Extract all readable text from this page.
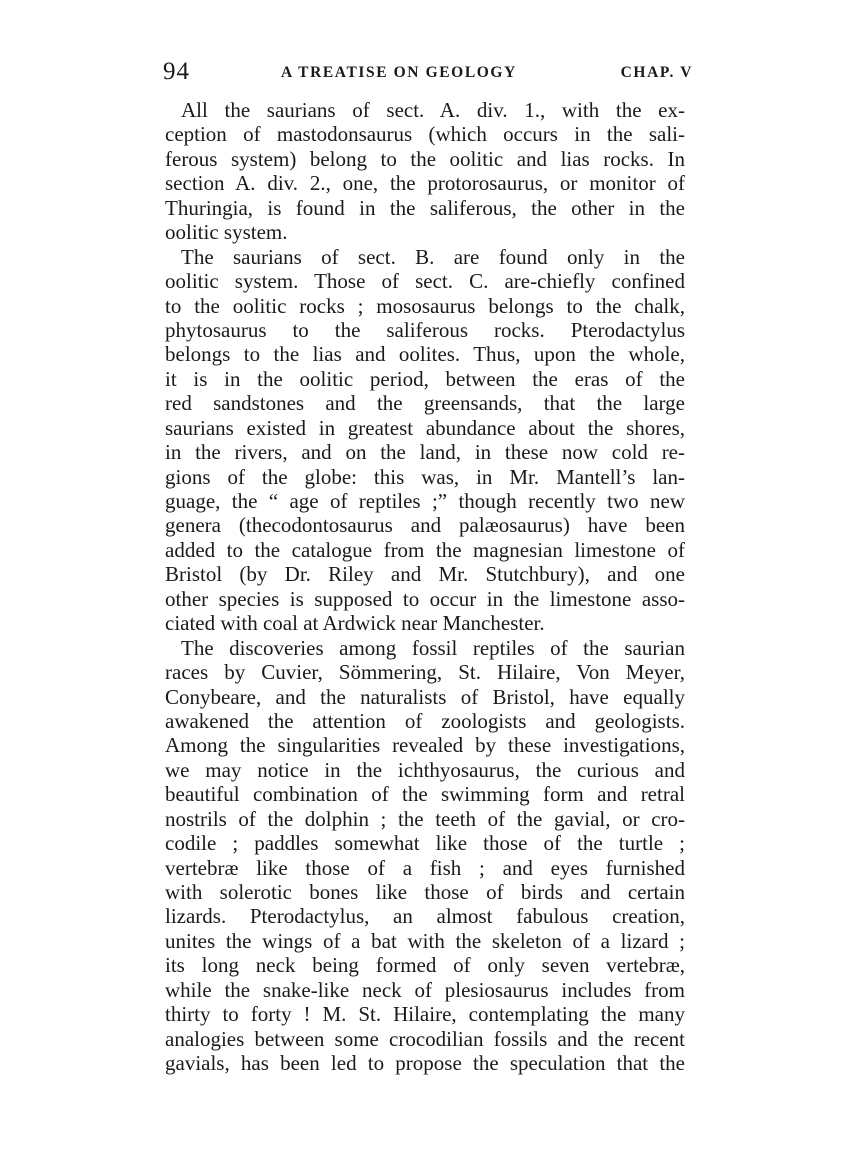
94	A TREATISE ON GEOLOGY	CHAP. V
All the saurians of sect. A. div. 1., with the ex-
ception of mastodonsaurus (which occurs in the sali-
ferous system) belong to the oolitic and lias rocks. In
section A. div. 2., one, the protorosaurus, or monitor of
Thuringia, is found in the saliferous, the other in the
oolitic system.
The saurians of sect. B. are found only in the
oolitic system. Those of sect. C. are-chiefly confined
to the oolitic rocks ; mososaurus belongs to the chalk,
phytosaurus to the saliferous rocks. Pterodactylus
belongs to the lias and oolites. Thus, upon the whole,
it is in the oolitic period, between the eras of the
red sandstones and the greensands, that the large
saurians existed in greatest abundance about the shores,
in the rivers, and on the land, in these now cold re-
gions of the globe: this was, in Mr. Mantell’s lan-
guage, the “ age of reptiles ;” though recently two new
genera (thecodontosaurus and palæosaurus) have been
added to the catalogue from the magnesian limestone of
Bristol (by Dr. Riley and Mr. Stutchbury), and one
other species is supposed to occur in the limestone asso-
ciated with coal at Ardwick near Manchester.
The discoveries among fossil reptiles of the saurian
races by Cuvier, Sömmering, St. Hilaire, Von Meyer,
Conybeare, and the naturalists of Bristol, have equally
awakened the attention of zoologists and geologists.
Among the singularities revealed by these investigations,
we may notice in the ichthyosaurus, the curious and
beautiful combination of the swimming form and retral
nostrils of the dolphin ; the teeth of the gavial, or cro-
codile ; paddles somewhat like those of the turtle ;
vertebræ like those of a fish ; and eyes furnished
with solerotic bones like those of birds and certain
lizards. Pterodactylus, an almost fabulous creation,
unites the wings of a bat with the skeleton of a lizard ;
its long neck being formed of only seven vertebræ,
while the snake-like neck of plesiosaurus includes from
thirty to forty ! M. St. Hilaire, contemplating the many
analogies between some crocodilian fossils and the recent
gavials, has been led to propose the speculation that the
